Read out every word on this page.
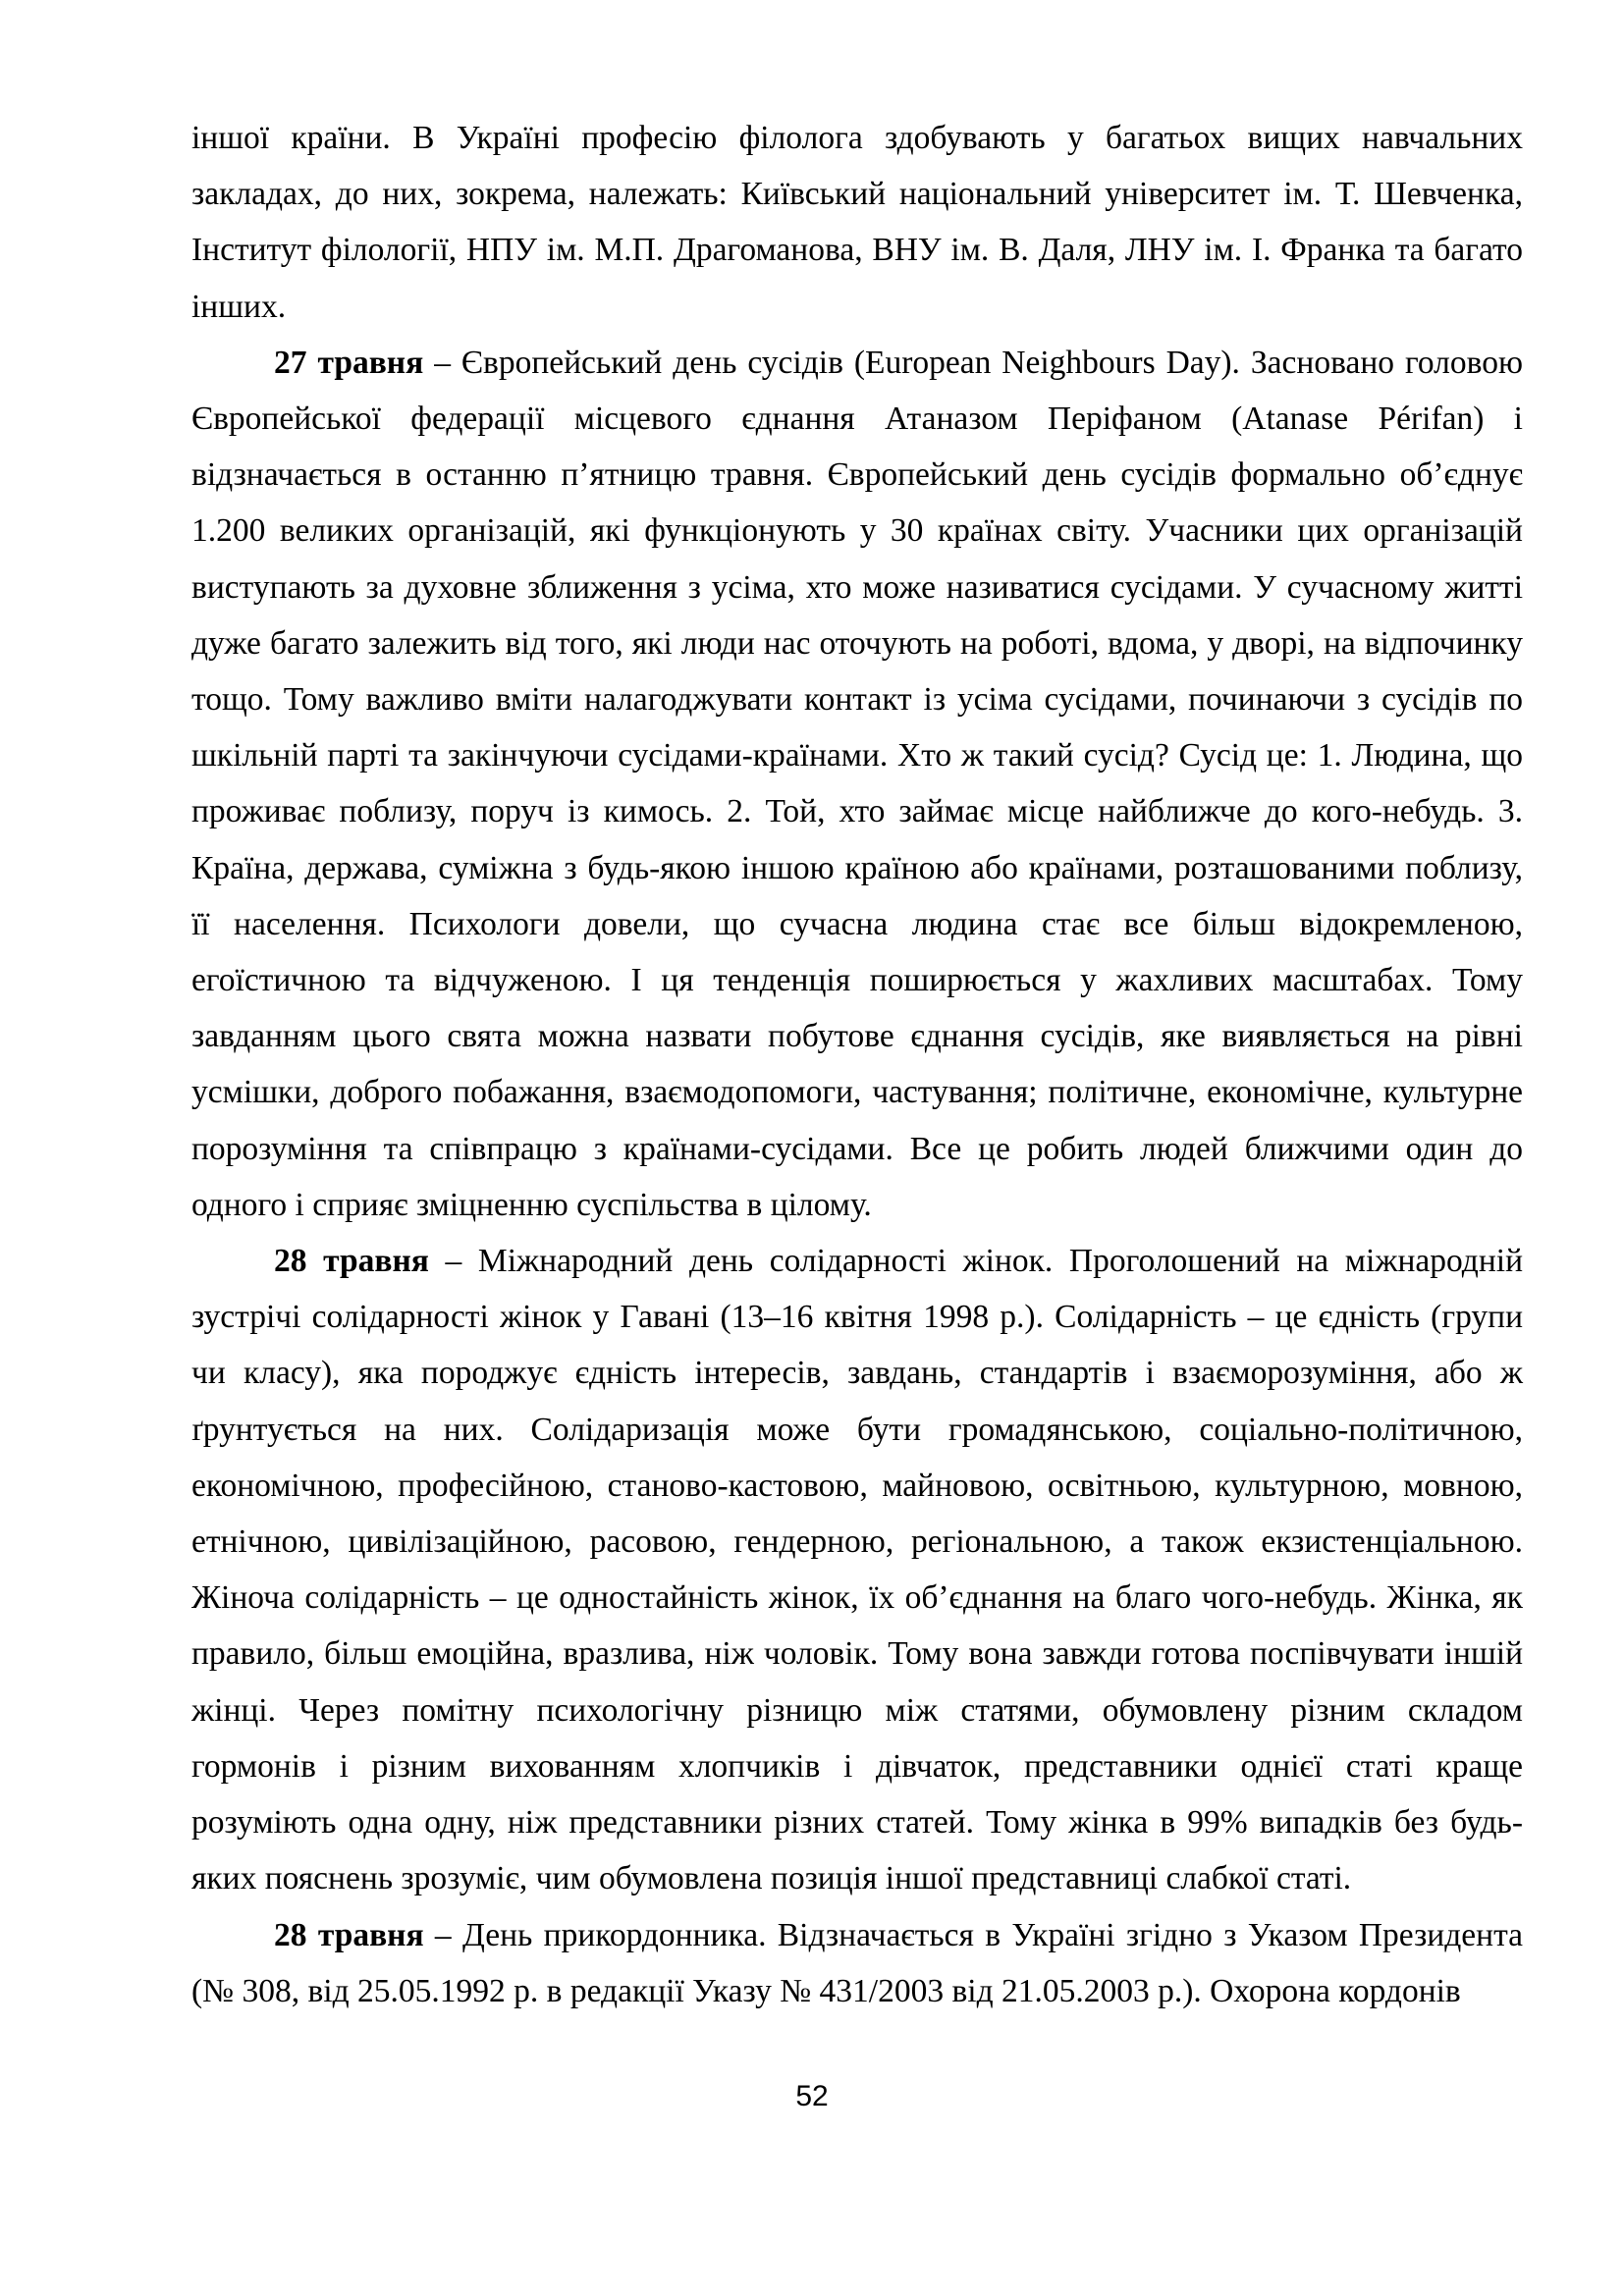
іншої країни. В Україні професію філолога здобувають у багатьох вищих навчальних закладах, до них, зокрема, належать: Київський національний університет ім. Т. Шевченка, Інститут філології, НПУ ім. М.П. Драгоманова, ВНУ ім. В. Даля, ЛНУ ім. І. Франка та багато інших.

27 травня – Європейський день сусідів (European Neighbours Day). Засновано головою Європейської федерації місцевого єднання Атаназом Періфаном (Atanase Périfan) і відзначається в останню п’ятницю травня. Європейський день сусідів формально об’єднує 1.200 великих організацій, які функціонують у 30 країнах світу. Учасники цих організацій виступають за духовне зближення з усіма, хто може називатися сусідами. У сучасному житті дуже багато залежить від того, які люди нас оточують на роботі, вдома, у дворі, на відпочинку тощо. Тому важливо вміти налагоджувати контакт із усіма сусідами, починаючи з сусідів по шкільній парті та закінчуючи сусідами-країнами. Хто ж такий сусід? Сусід це: 1. Людина, що проживає поблизу, поруч із кимось. 2. Той, хто займає місце найближче до кого-небудь. 3. Країна, держава, суміжна з будь-якою іншою країною або країнами, розташованими поблизу, її населення. Психологи довели, що сучасна людина стає все більш відокремленою, егоїстичною та відчуженою. І ця тенденція поширюється у жахливих масштабах. Тому завданням цього свята можна назвати побутове єднання сусідів, яке виявляється на рівні усмішки, доброго побажання, взаємодопомоги, частування; політичне, економічне, культурне порозуміння та співпрацю з країнами-сусідами. Все це робить людей ближчими один до одного і сприяє зміцненню суспільства в цілому.

28 травня – Міжнародний день солідарності жінок. Проголошений на міжнародній зустрічі солідарності жінок у Гавані (13–16 квітня 1998 р.). Солідарність – це єдність (групи чи класу), яка породжує єдність інтересів, завдань, стандартів і взаєморозуміння, або ж ґрунтується на них. Солідаризація може бути громадянською, соціально-політичною, економічною, професійною, станово-кастовою, майновою, освітньою, культурною, мовною, етнічною, цивілізаційною, расовою, гендерною, регіональною, а також екзистенціальною. Жіноча солідарність – це одностайність жінок, їх об’єднання на благо чого-небудь. Жінка, як правило, більш емоційна, вразлива, ніж чоловік. Тому вона завжди готова поспівчувати іншій жінці. Через помітну психологічну різницю між статями, обумовлену різним складом гормонів і різним вихованням хлопчиків і дівчаток, представники однієї статі краще розуміють одна одну, ніж представники різних статей. Тому жінка в 99% випадків без будь-яких пояснень зрозуміє, чим обумовлена позиція іншої представниці слабкої статі.

28 травня – День прикордонника. Відзначається в Україні згідно з Указом Президента (№ 308, від 25.05.1992 р. в редакції Указу № 431/2003 від 21.05.2003 р.). Охорона кордонів

52
